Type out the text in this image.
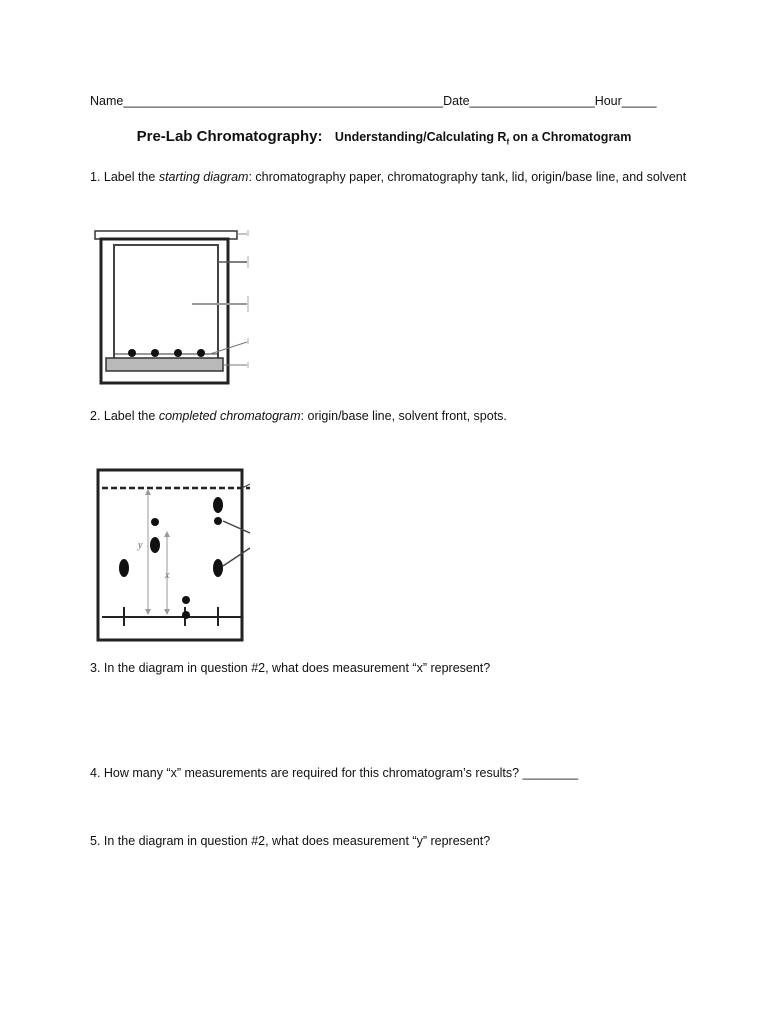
Name______________________________________________Date__________________Hour_____
Pre-Lab Chromatography: Understanding/Calculating $R_f$ on a Chromatogram
1. Label the starting diagram: chromatography paper, chromatography tank, lid, origin/base line, and solvent
2. Label the completed chromatogram: origin/base line, solvent front, spots.
3. In the diagram in question #2, what does measurement “x” represent?
4. How many “x” measurements are required for this chromatogram’s results? ________
5. In the diagram in question #2, what does measurement “y” represent?
y
x
